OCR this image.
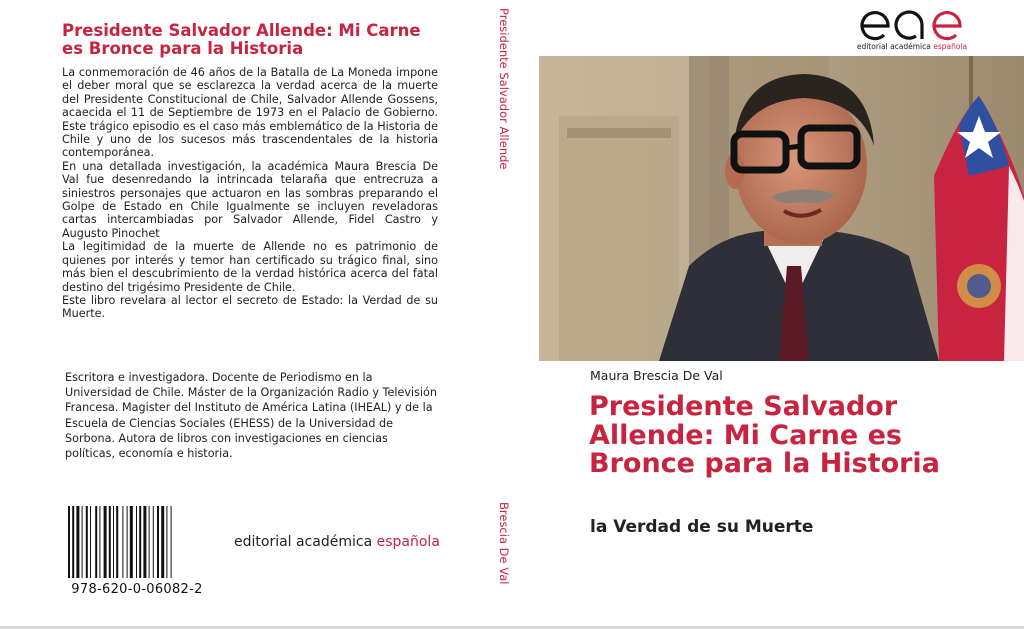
Presidente Salvador Allende: Mi Carne es Bronce para la Historia

La conmemoración de 46 años de la Batalla de La Moneda impone el deber moral que se esclarezca la verdad acerca de la muerte del Presidente Constitucional de Chile, Salvador Allende Gossens, acaecida el 11 de Septiembre de 1973 en el Palacio de Gobierno. Este trágico episodio es el caso más emblemático de la Historia de Chile y uno de los sucesos más trascendentales de la historia contemporánea.

En una detallada investigación, la académica Maura Brescia De Val fue desenredando la intrincada telaraña que entrecruza a siniestros personajes que actuaron en las sombras preparando el Golpe de Estado en Chile Igualmente se incluyen reveladoras cartas intercambiadas por Salvador Allende, Fidel Castro y Augusto Pinochet

La legitimidad de la muerte de Allende no es patrimonio de quienes por interés y temor han certificado su trágico final, sino más bien el descubrimiento de la verdad histórica acerca del fatal destino del trigésimo Presidente de Chile.

Este libro revelara al lector el secreto de Estado: la Verdad de su Muerte.

Escritora e investigadora. Docente de Periodismo en la Universidad de Chile. Máster de la Organización Radio y Televisión Francesa. Magister del Instituto de América Latina (IHEAL) y de la Escuela de Ciencias Sociales (EHESS) de la Universidad de Sorbona. Autora de libros con investigaciones en ciencias políticas, economía e historia.

978-620-0-06082-2
editorial académica española
Presidente Salvador Allende
Brescia De Val
editorial académica española
Maura Brescia De Val
Presidente Salvador Allende: Mi Carne es Bronce para la Historia
la Verdad de su Muerte
